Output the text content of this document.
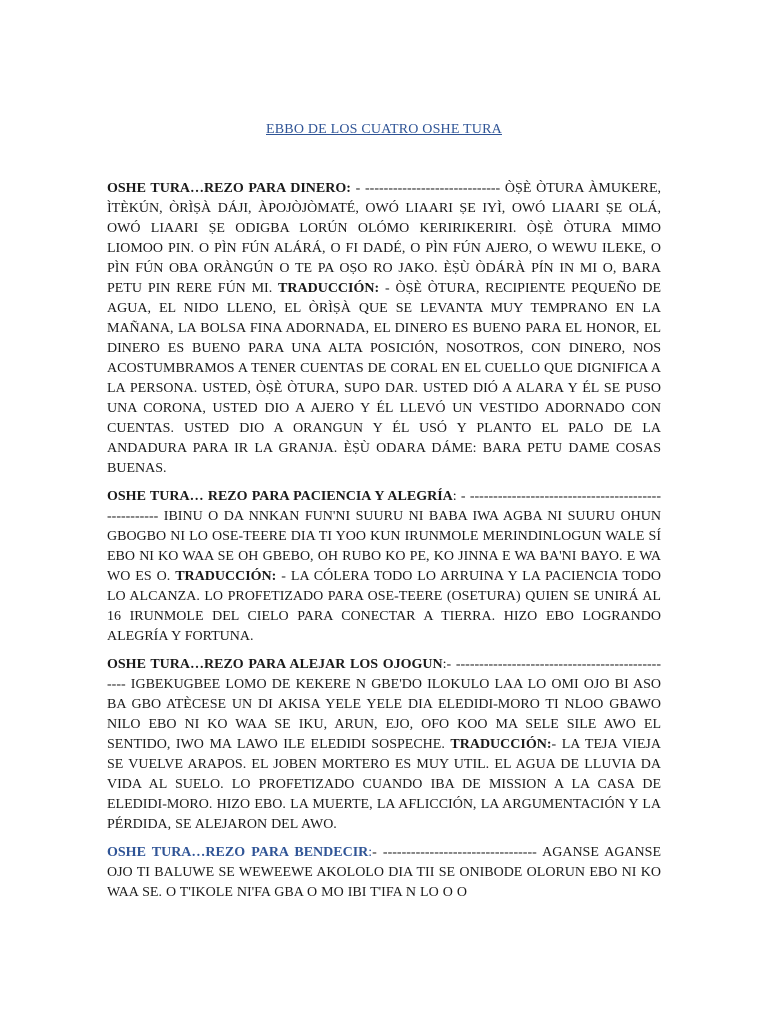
EBBO DE LOS CUATRO OSHE TURA

OSHE TURA…REZO PARA DINERO: - ----------------------------- ÒṢÈ ÒTURA ÀMUKERE, ÌTÈKÚN, ÒRÌṢÀ DÁJI, ÀPOJÒJÒMATÉ, OWÓ LIAARI ṢE IYÌ, OWÓ LIAARI ṢE OLÁ, OWÓ LIAARI ṢE ODIGBA LORÚN OLÓMO KERIRIKERIRI. ÒṢÈ ÒTURA MIMO LIOMOO PIN. O PÌN FÚN ALÁRÁ, O FI DADÉ, O PÌN FÚN AJERO, O WEWU ILEKE, O PÌN FÚN OBA ORÀNGÚN O TE PA OṢO RO JAKO. ÈṢÙ ÒDÁRÀ PÍN IN MI O, BARA PETU PIN RERE FÚN MI. TRADUCCIÓN: - ÒṢÈ ÒTURA, RECIPIENTE PEQUEÑO DE AGUA, EL NIDO LLENO, EL ÒRÌṢÀ QUE SE LEVANTA MUY TEMPRANO EN LA MAÑANA, LA BOLSA FINA ADORNADA, EL DINERO ES BUENO PARA EL HONOR, EL DINERO ES BUENO PARA UNA ALTA POSICIÓN, NOSOTROS, CON DINERO, NOS ACOSTUMBRAMOS A TENER CUENTAS DE CORAL EN EL CUELLO QUE DIGNIFICA A LA PERSONA. USTED, ÒṢÈ ÒTURA, SUPO DAR. USTED DIÓ A ALARA Y ÉL SE PUSO UNA CORONA, USTED DIO A AJERO Y ÉL LLEVÓ UN VESTIDO ADORNADO CON CUENTAS. USTED DIO A ORANGUN Y ÉL USÓ Y PLANTO EL PALO DE LA ANDADURA PARA IR LA GRANJA. ÈṢÙ ODARA DÁME: BARA PETU DAME COSAS BUENAS.

OSHE TURA… REZO PARA PACIENCIA Y ALEGRÍA: - ---------------------------------------------------- IBINU O DA NNKAN FUN'NI SUURU NI BABA IWA AGBA NI SUURU OHUN GBOGBO NI LO OSE-TEERE DIA TI YOO KUN IRUNMOLE MERINDINLOGUN WALE SÍ EBO NI KO WAA SE OH GBEBO, OH RUBO KO PE, KO JINNA E WA BA'NI BAYO. E WA WO ES O. TRADUCCIÓN: - LA CÓLERA TODO LO ARRUINA Y LA PACIENCIA TODO LO ALCANZA. LO PROFETIZADO PARA OSE-TEERE (OSETURA) QUIEN SE UNIRÁ AL 16 IRUNMOLE DEL CIELO PARA CONECTAR A TIERRA. HIZO EBO LOGRANDO ALEGRÍA Y FORTUNA.

OSHE TURA…REZO PARA ALEJAR LOS OJOGUN:- ------------------------------------------------ IGBEKUGBEE LOMO DE KEKERE N GBE'DO ILOKULO LAA LO OMI OJO BI ASO BA GBO ATÈCESE UN DI AKISA YELE YELE DIA ELEDIDI-MORO TI NLOO GBAWO NILO EBO NI KO WAA SE IKU, ARUN, EJO, OFO KOO MA SELE SILE AWO EL SENTIDO, IWO MA LAWO ILE ELEDIDI SOSPECHE. TRADUCCIÓN:- LA TEJA VIEJA SE VUELVE ARAPOS. EL JOBEN MORTERO ES MUY UTIL. EL AGUA DE LLUVIA DA VIDA AL SUELO. LO PROFETIZADO CUANDO IBA DE MISSION A LA CASA DE ELEDIDI-MORO. HIZO EBO. LA MUERTE, LA AFLICCIÓN, LA ARGUMENTACIÓN Y LA PÉRDIDA, SE ALEJARON DEL AWO.

OSHE TURA…REZO PARA BENDECIR:- --------------------------------- AGANSE AGANSE OJO TI BALUWE SE WEWEEWE AKOLOLO DIA TII SE ONIBODE OLORUN EBO NI KO WAA SE. O T'IKOLE NI'FA GBA O MO IBI T'IFA N LO O O
